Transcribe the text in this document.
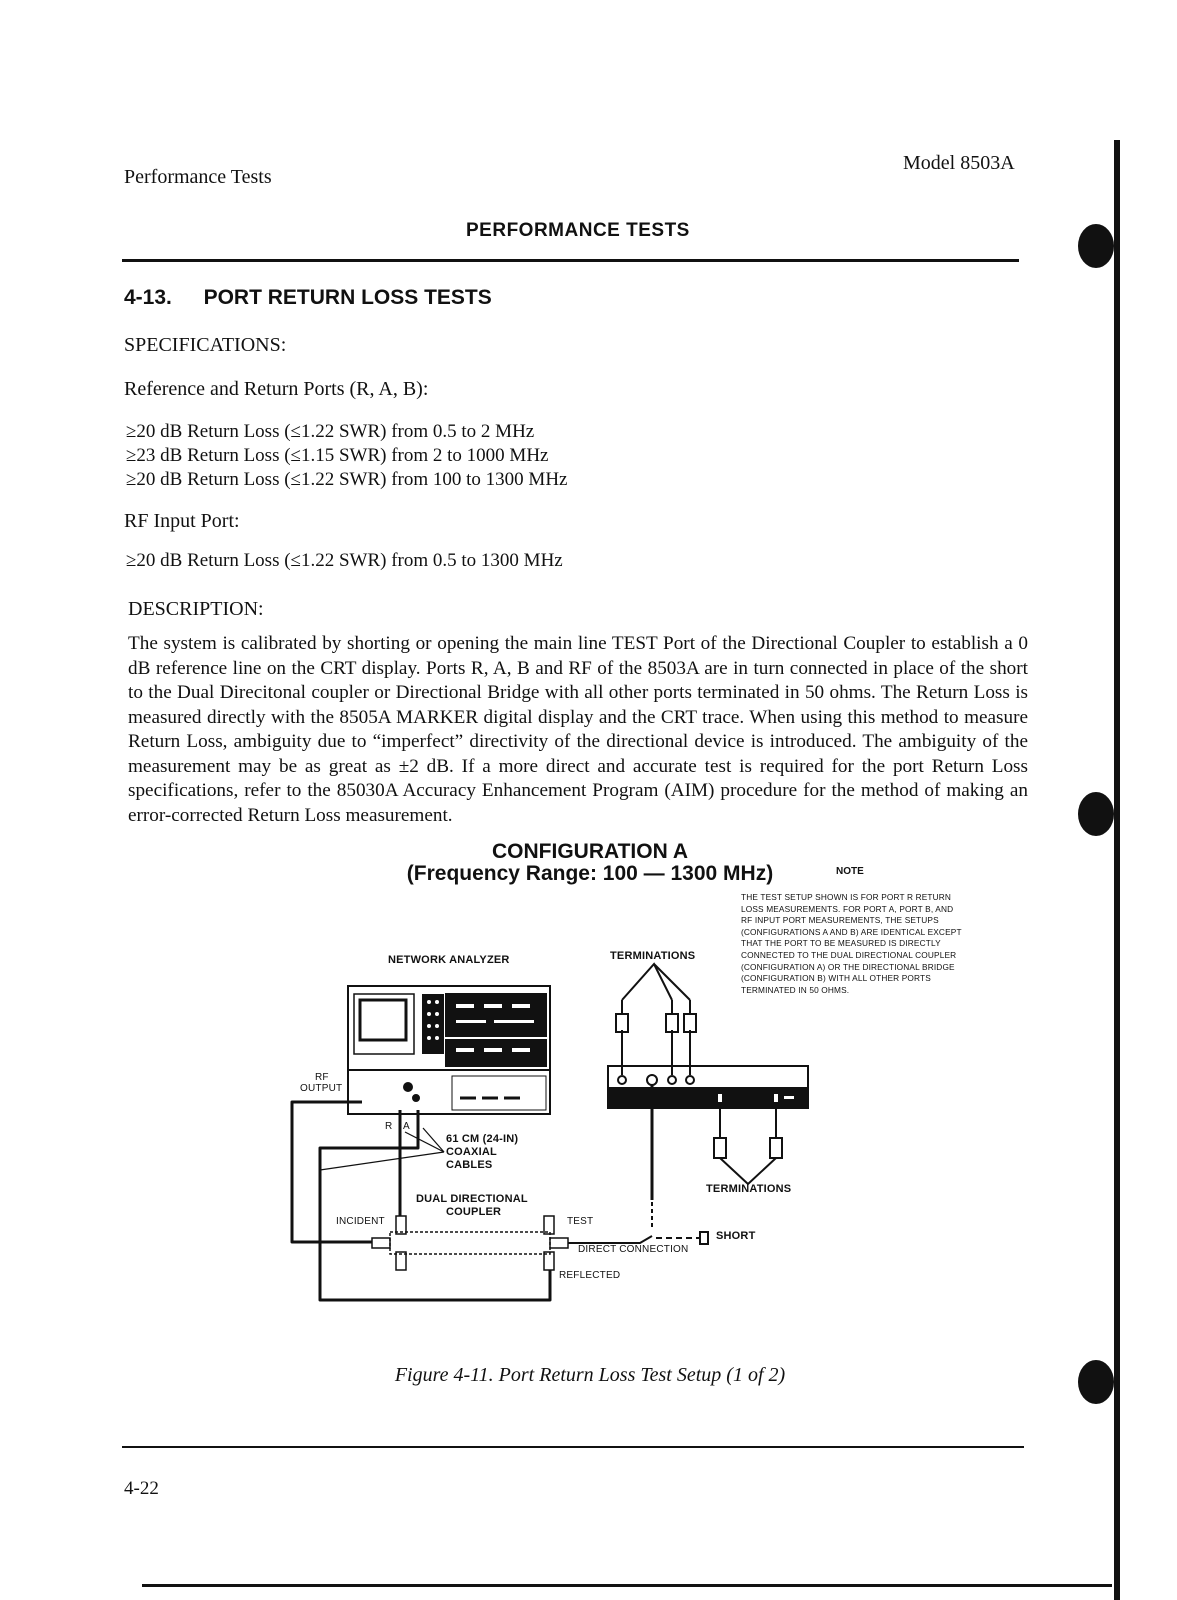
Performance Tests
Model 8503A
PERFORMANCE TESTS
4-13. PORT RETURN LOSS TESTS
SPECIFICATIONS:
Reference and Return Ports (R, A, B):
≥20 dB Return Loss (≤1.22 SWR) from 0.5 to 2 MHz
≥23 dB Return Loss (≤1.15 SWR) from 2 to 1000 MHz
≥20 dB Return Loss (≤1.22 SWR) from 100 to 1300 MHz
RF Input Port:
≥20 dB Return Loss (≤1.22 SWR) from 0.5 to 1300 MHz
DESCRIPTION:
The system is calibrated by shorting or opening the main line TEST Port of the Directional Coupler to establish a 0 dB reference line on the CRT display. Ports R, A, B and RF of the 8503A are in turn connected in place of the short to the Dual Direcitonal coupler or Directional Bridge with all other ports terminated in 50 ohms. The Return Loss is measured directly with the 8505A MARKER digital display and the CRT trace. When using this method to measure Return Loss, ambiguity due to “imperfect” directivity of the directional device is introduced. The ambiguity of the measurement may be as great as ±2 dB. If a more direct and accurate test is required for the port Return Loss specifications, refer to the 85030A Accuracy Enhancement Program (AIM) procedure for the method of making an error-corrected Return Loss measurement.
CONFIGURATION A
(Frequency Range: 100 — 1300 MHz)	NOTE
THE TEST SETUP SHOWN IS FOR PORT R RETURN LOSS MEASUREMENTS. FOR PORT A, PORT B, AND RF INPUT PORT MEASUREMENTS, THE SETUPS (CONFIGURATIONS A AND B) ARE IDENTICAL EXCEPT THAT THE PORT TO BE MEASURED IS DIRECTLY CONNECTED TO THE DUAL DIRECTIONAL COUPLER (CONFIGURATION A) OR THE DIRECTIONAL BRIDGE (CONFIGURATION B) WITH ALL OTHER PORTS TERMINATED IN 50 OHMS.
NETWORK ANALYZER	TERMINATIONS
RF
OUTPUT
R A
61 CM (24-IN)
COAXIAL
CABLES
DUAL DIRECTIONAL
COUPLER
INCIDENT	TEST
SHORT
DIRECT CONNECTION
REFLECTED
TERMINATIONS
Figure 4-11. Port Return Loss Test Setup (1 of 2)
4-22
